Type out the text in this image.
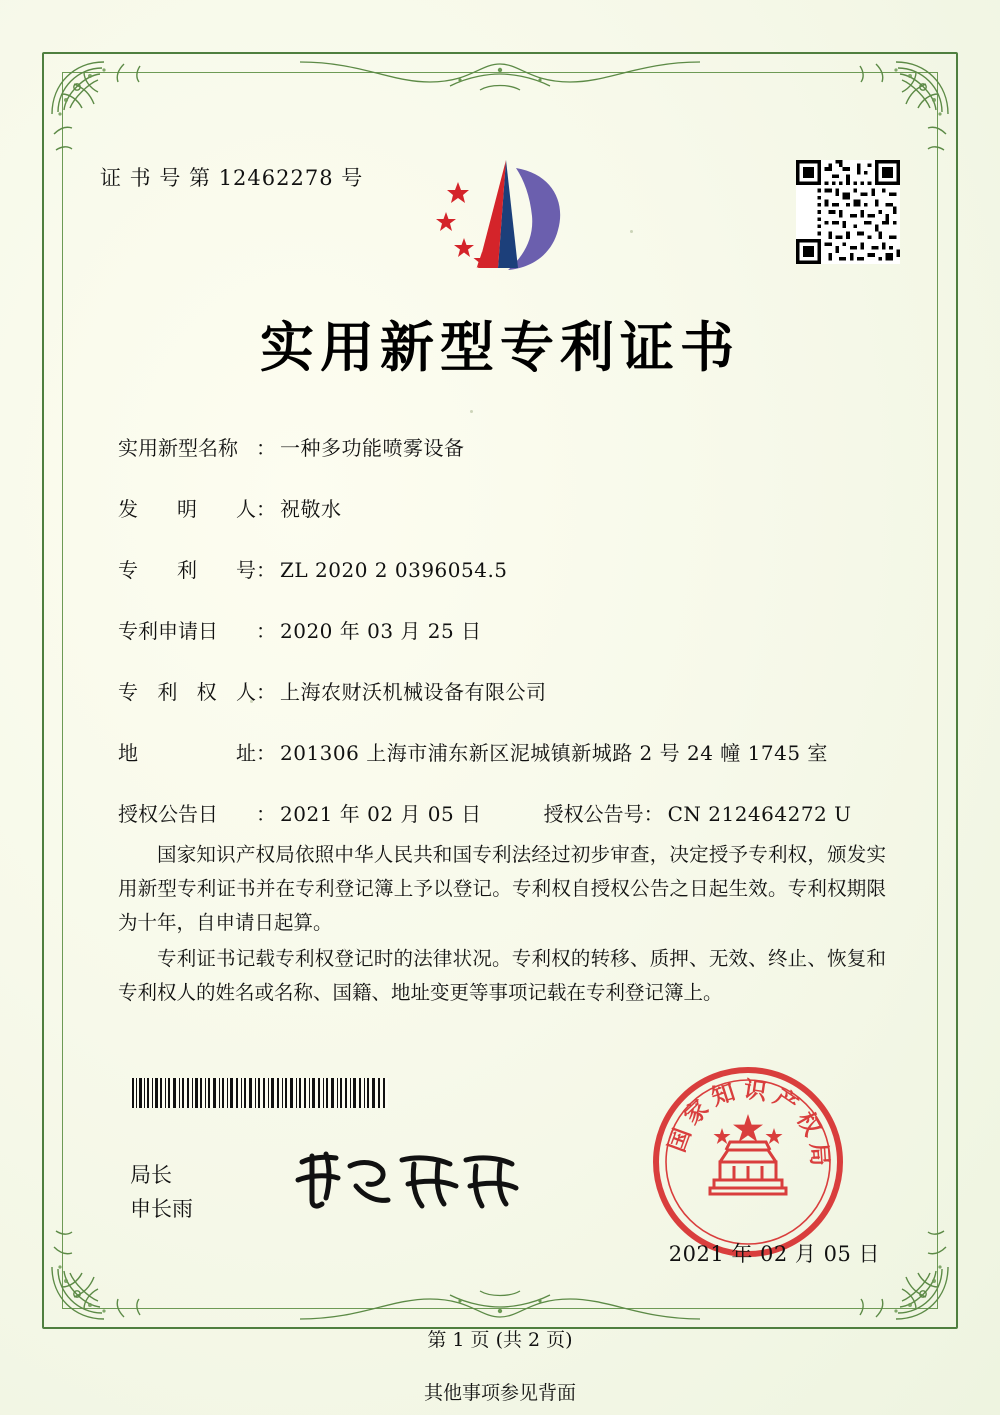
证 书 号 第 12462278 号
实用新型专利证书
实用新型名称 ： 一种多功能喷雾设备
发 明 人 ： 祝敬水
专 利 号 ： ZL 2020 2 0396054.5
专利申请日	： 2020 年 03 月 25 日
专 利 权 人 ： 上海农财沃机械设备有限公司
地	址 ： 201306 上海市浦东新区泥城镇新城路 2 号 24 幢 1745 室
授权公告日	： 2021 年 02 月 05 日	授权公告号 ： CN 212464272 U

国家知识产权局依照中华人民共和国专利法经过初步审查，决定授予专利权，颁发实用新型专利证书并在专利登记簿上予以登记。专利权自授权公告之日起生效。专利权期限为十年，自申请日起算。

专利证书记载专利权登记时的法律状况。专利权的转移、质押、无效、终止、恢复和专利权人的姓名或名称、国籍、地址变更等事项记载在专利登记簿上。

局长
申长雨
国家知识产权局
2021 年 02 月 05 日
第 1 页 (共 2 页)
其他事项参见背面
